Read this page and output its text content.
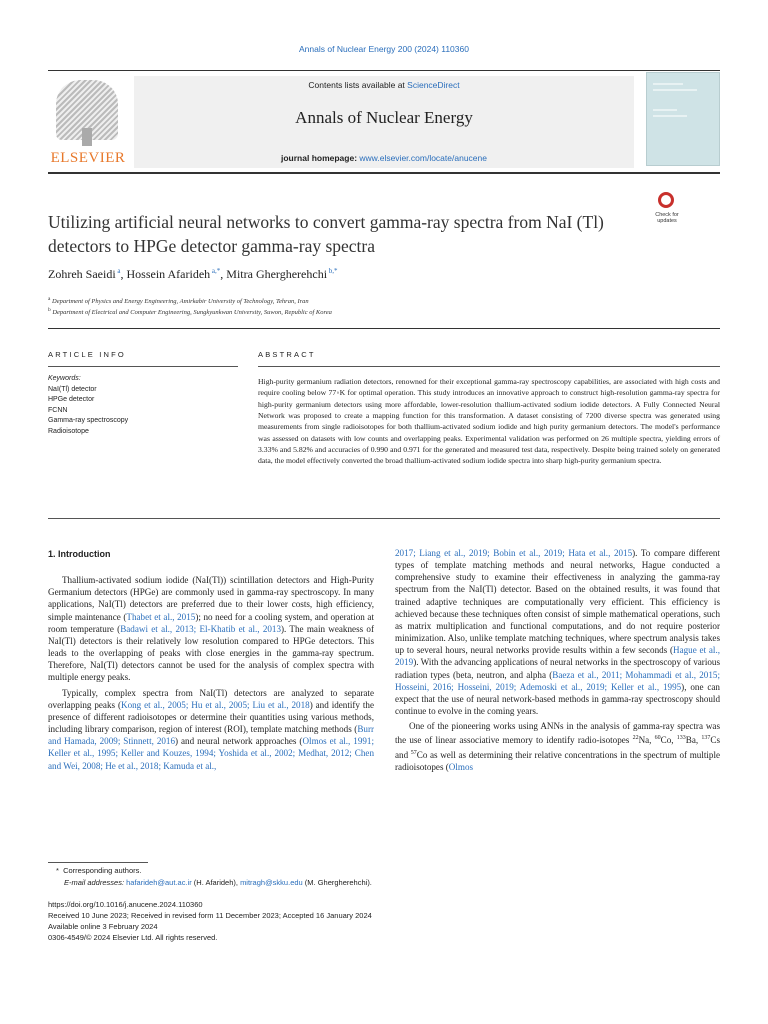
Annals of Nuclear Energy 200 (2024) 110360
ELSEVIER
Contents lists available at ScienceDirect
Annals of Nuclear Energy
journal homepage: www.elsevier.com/locate/anucene
Check for updates
Utilizing artificial neural networks to convert gamma-ray spectra from NaI (Tl) detectors to HPGe detector gamma-ray spectra
Zohreh Saeidi $^a$, Hossein Afarideh $^{a,*}$, Mitra Ghergherehchi $^{b,*}$
$^a$ Department of Physics and Energy Engineering, Amirkabir University of Technology, Tehran, Iran
$^b$ Department of Electrical and Computer Engineering, Sungkyunkwan University, Suwon, Republic of Korea
ARTICLE INFO
Keywords:
NaI(Tl) detector
HPGe detector
FCNN
Gamma-ray spectroscopy
Radioisotope
ABSTRACT
High-purity germanium radiation detectors, renowned for their exceptional gamma-ray spectroscopy capabilities, are associated with high costs and require cooling below 77◦K for optimal operation. This study introduces an innovative approach to construct high-resolution gamma-ray spectra for high-purity germanium detectors using more affordable, lower-resolution thallium-activated sodium iodide detectors. A Fully Connected Neural Network was proposed to create a mapping function for this transformation. A dataset consisting of 7200 diverse spectra was generated using measurements from single radioisotopes for both thallium-activated sodium iodide and high purity germanium detectors. The model's performance was assessed on datasets with low counts and overlapping peaks. Experimental validation was performed on 26 multiple spectra, yielding errors of 3.33% and 5.82% and accuracies of 0.990 and 0.971 for the generated and measured test data, respectively. Despite being trained solely on generated data, the model effectively converted the broad thallium-activated sodium iodide spectra into sharp high-purity germanium spectra.
1. Introduction

Thallium-activated sodium iodide (NaI(Tl)) scintillation detectors and High-Purity Germanium detectors (HPGe) are commonly used in gamma-ray spectroscopy. In many applications, NaI(Tl) detectors are preferred due to their lower costs, high efficiency, simple maintenance (Thabet et al., 2015); no need for a cooling system, and operation at room temperature (Badawi et al., 2013; El-Khatib et al., 2013). The main weakness of NaI(Tl) detectors is their relatively low resolution compared to HPGe detectors. This leads to the overlapping of peaks with close energies in the gamma-ray spectrum. Therefore, NaI(Tl) detectors cannot be used for the analysis of complex spectra with multiple energy peaks.

Typically, complex spectra from NaI(Tl) detectors are analyzed to separate overlapping peaks (Kong et al., 2005; Hu et al., 2005; Liu et al., 2018) and identify the presence of different radioisotopes or determine their quantities using various methods, including library comparison, region of interest (ROI), template matching methods (Burr and Hamada, 2009; Stinnett, 2016) and neural network approaches (Olmos et al., 1991; Keller et al., 1995; Keller and Kouzes, 1994; Yoshida et al., 2002; Medhat, 2012; Chen and Wei, 2008; He et al., 2018; Kamuda et al.,

2017; Liang et al., 2019; Bobin et al., 2019; Hata et al., 2015). To compare different types of template matching methods and neural networks, Hague conducted a comprehensive study to examine their effectiveness in analyzing the gamma-ray spectrum from the NaI(Tl) detector. Based on the obtained results, it was found that trained adaptive techniques are computationally very efficient. This efficiency is achieved because these techniques often consist of simple mathematical operations, such as matrix multiplication and functional computations, and do not require posterior minimization. Also, unlike template matching techniques, where spectrum analysis takes up to several hours, neural networks provide results within a few seconds (Hague et al., 2019). With the advancing applications of neural networks in the spectroscopy of various radiation types (beta, neutron, and alpha (Baeza et al., 2011; Mohammadi et al., 2015; Hosseini, 2016; Hosseini, 2019; Ademoski et al., 2019; Keller et al., 1995), one can expect that the use of neural network-based methods in gamma-ray spectroscopy should continue to evolve in the coming years.

One of the pioneering works using ANNs in the analysis of gamma-ray spectra was the use of linear associative memory to identify radio-isotopes $^{22}$Na, $^{60}$Co, $^{133}$Ba, $^{137}$Cs and $^{57}$Co as well as determining their relative concentrations in the spectrum of multiple radioisotopes (Olmos

*  Corresponding authors.
E-mail addresses: hafarideh@aut.ac.ir (H. Afarideh), mitragh@skku.edu (M. Ghergherehchi).
https://doi.org/10.1016/j.anucene.2024.110360
Received 10 June 2023; Received in revised form 11 December 2023; Accepted 16 January 2024
Available online 3 February 2024
0306-4549/© 2024 Elsevier Ltd. All rights reserved.
